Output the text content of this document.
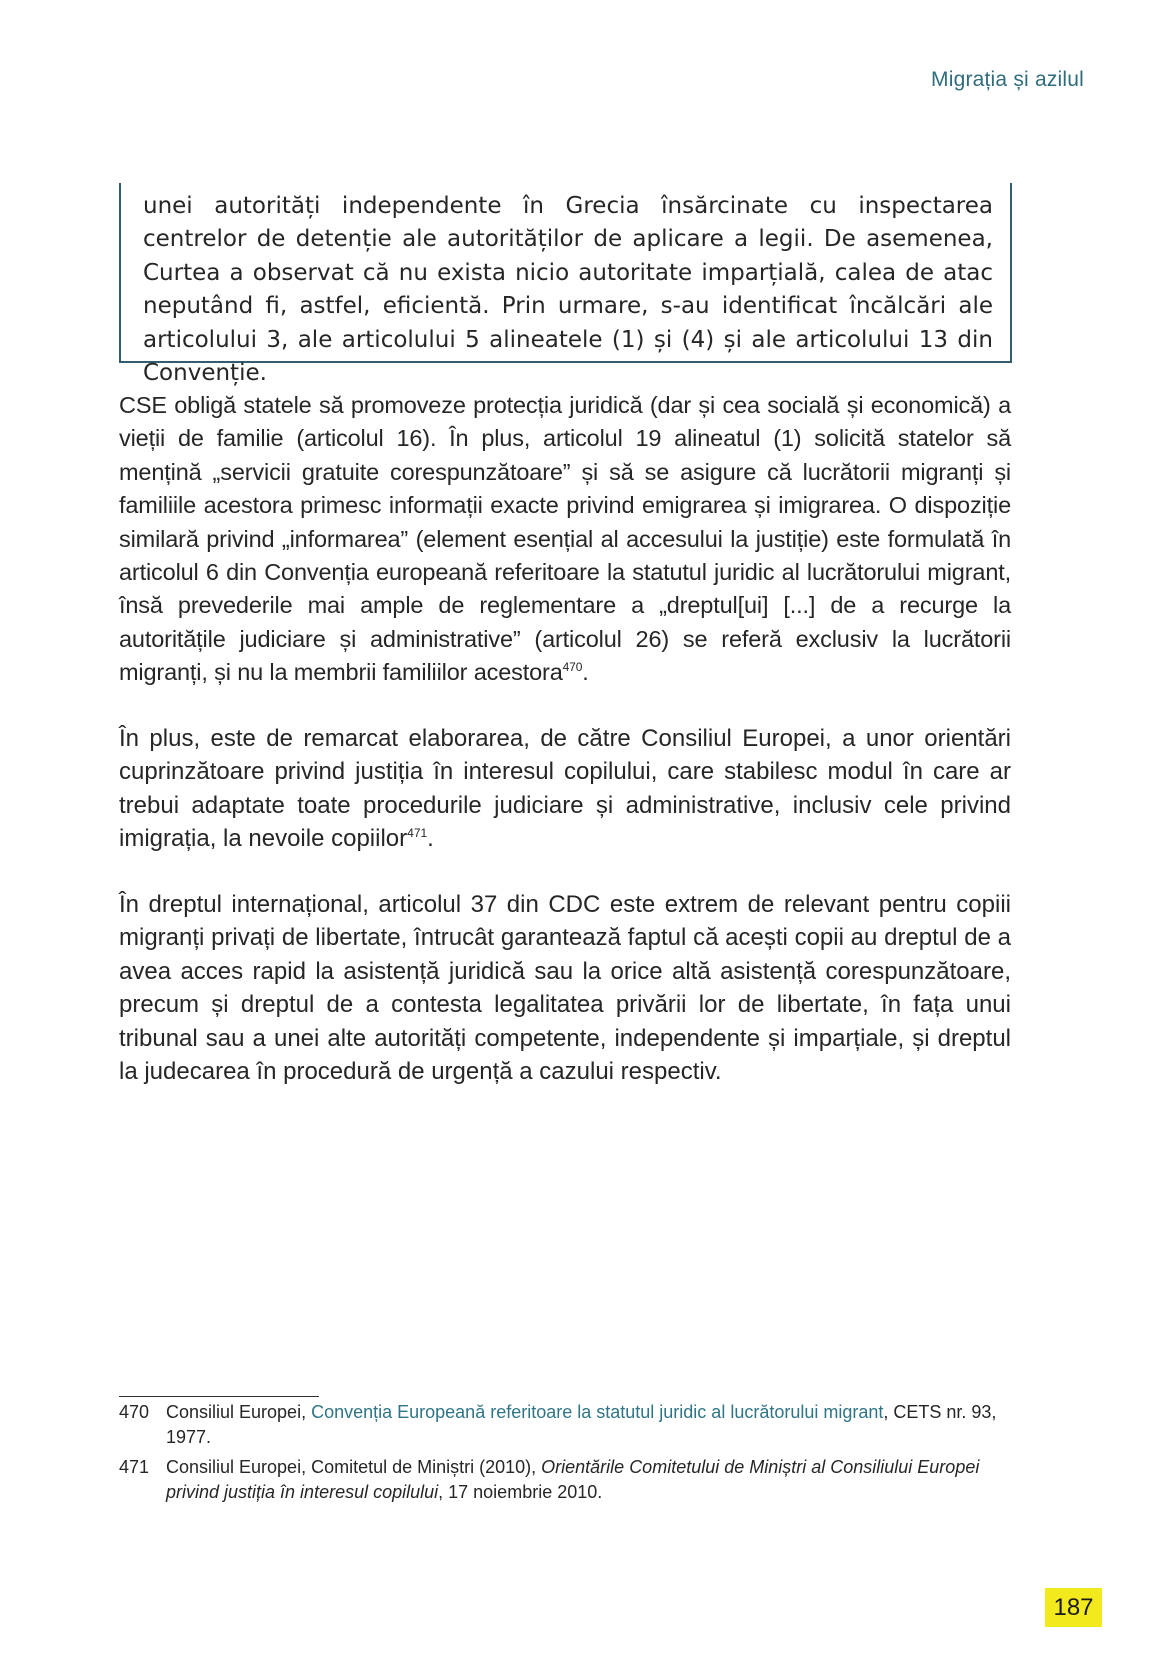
Migrația și azilul

unei autorități independente în Grecia însărcinate cu inspectarea centrelor de detenție ale autorităților de aplicare a legii. De asemenea, Curtea a observat că nu exista nicio autoritate imparțială, calea de atac neputând fi, astfel, eficientă. Prin urmare, s-au identificat încălcări ale articolului 3, ale articolului 5 alineatele (1) și (4) și ale articolului 13 din Convenție.

CSE obligă statele să promoveze protecția juridică (dar și cea socială și economică) a vieții de familie (articolul 16). În plus, articolul 19 alineatul (1) solicită statelor să mențină „servicii gratuite corespunzătoare” și să se asigure că lucrătorii migranți și familiile acestora primesc informații exacte privind emigrarea și imigrarea. O dispoziție similară privind „informarea” (element esențial al accesului la justiție) este formulată în articolul 6 din Convenția europeană referitoare la statutul juridic al lucrătorului migrant, însă prevederile mai ample de reglementare a „dreptul[ui] [...] de a recurge la autoritățile judiciare și administrative” (articolul 26) se referă exclusiv la lucrătorii migranți, și nu la membrii familiilor acestora$^{470}$.

În plus, este de remarcat elaborarea, de către Consiliul Europei, a unor orientări cuprinzătoare privind justiția în interesul copilului, care stabilesc modul în care ar trebui adaptate toate procedurile judiciare și administrative, inclusiv cele privind imigrația, la nevoile copiilor$^{471}$.

În dreptul internațional, articolul 37 din CDC este extrem de relevant pentru copiii migranți privați de libertate, întrucât garantează faptul că acești copii au dreptul de a avea acces rapid la asistență juridică sau la orice altă asistență corespunzătoare, precum și dreptul de a contesta legalitatea privării lor de libertate, în fața unui tribunal sau a unei alte autorități competente, independente și imparțiale, și dreptul la judecarea în procedură de urgență a cazului respectiv.

470 Consiliul Europei, Convenția Europeană referitoare la statutul juridic al lucrătorului migrant, CETS nr. 93, 1977.
471 Consiliul Europei, Comitetul de Miniștri (2010), Orientările Comitetului de Miniștri al Consiliului Europei privind justiția în interesul copilului, 17 noiembrie 2010.
187
